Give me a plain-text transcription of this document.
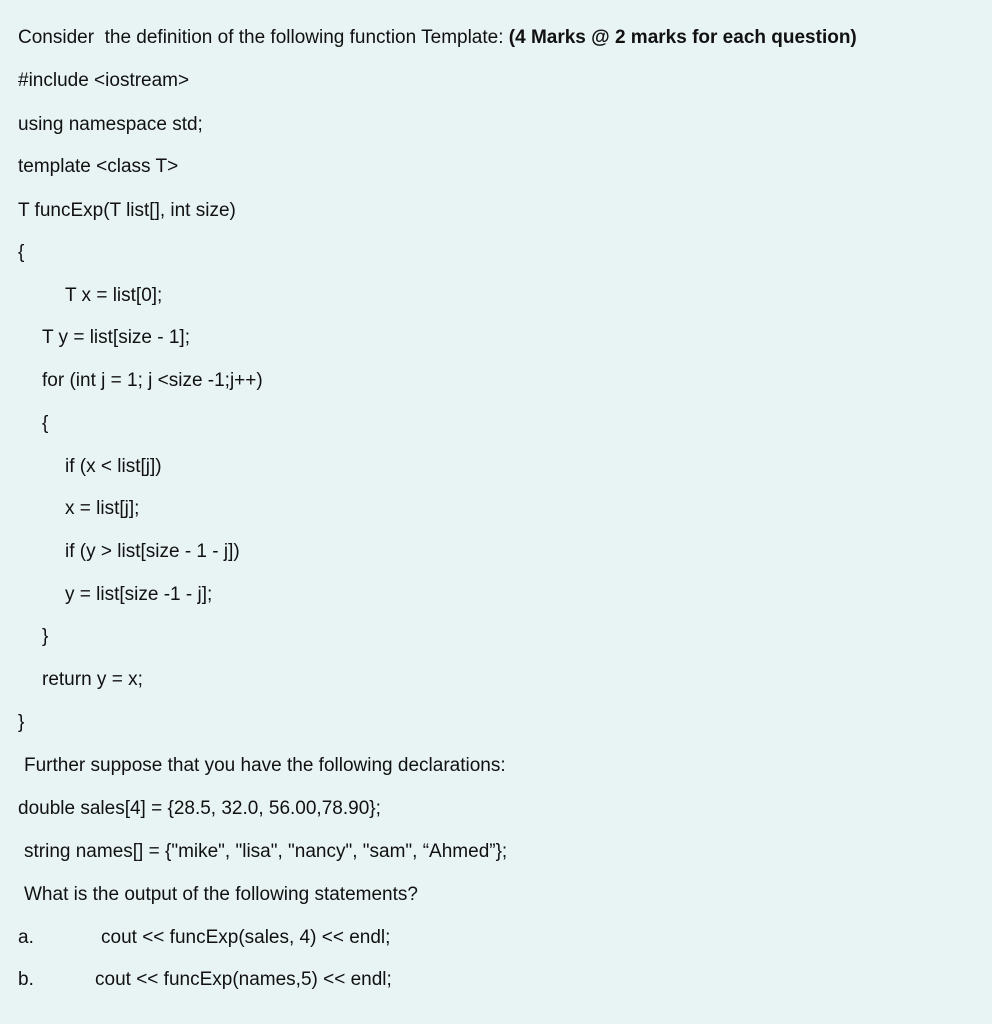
Consider  the definition of the following function Template: (4 Marks @ 2 marks for each question)
#include <iostream>
using namespace std;
template <class T>
T funcExp(T list[], int size)
{
T x = list[0];
T y = list[size - 1];
for (int j = 1; j <size -1;j++)
{
if (x < list[j])
x = list[j];
if (y > list[size - 1 - j])
y = list[size -1 - j];
}
return y = x;
}
Further suppose that you have the following declarations:
double sales[4] = {28.5, 32.0, 56.00,78.90};
string names[] = {"mike", "lisa", "nancy", "sam", “Ahmed”};
What is the output of the following statements?
a.	cout << funcExp(sales, 4) << endl;
b.	cout << funcExp(names,5) << endl;
